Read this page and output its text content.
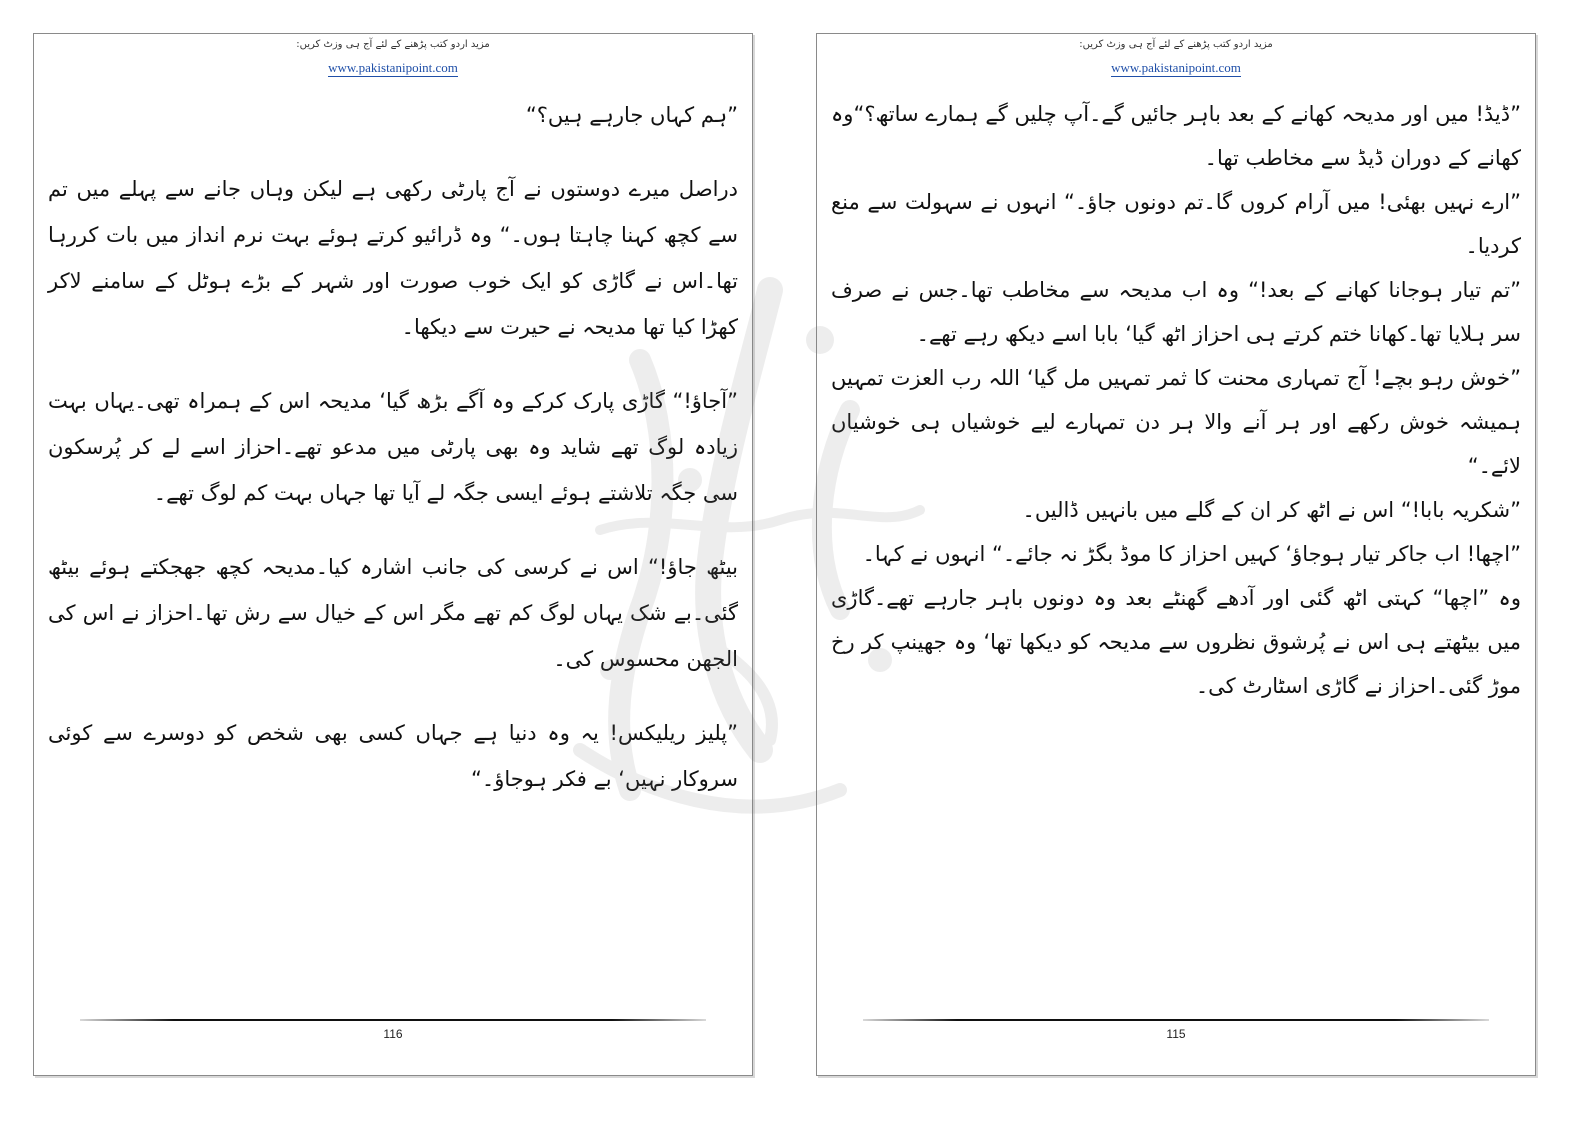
مزید اردو کتب پڑھنے کے لئے آج ہی وزٹ کریں:
www.pakistanipoint.com

”ہم کہاں جارہے ہیں؟“

دراصل میرے دوستوں نے آج پارٹی رکھی ہے لیکن وہاں جانے سے پہلے میں تم سے کچھ کہنا چاہتا ہوں۔“ وہ ڈرائیو کرتے ہوئے بہت نرم انداز میں بات کررہا تھا۔اس نے گاڑی کو ایک خوب صورت اور شہر کے بڑے ہوٹل کے سامنے لاکر کھڑا کیا تھا مدیحہ نے حیرت سے دیکھا۔

”آجاؤ!“ گاڑی پارک کرکے وہ آگے بڑھ گیا‘ مدیحہ اس کے ہمراہ تھی۔یہاں بہت زیادہ لوگ تھے شاید وہ بھی پارٹی میں مدعو تھے۔احزاز اسے لے کر پُرسکون سی جگہ تلاشتے ہوئے ایسی جگہ لے آیا تھا جہاں بہت کم لوگ تھے۔

بیٹھ جاؤ!“ اس نے کرسی کی جانب اشارہ کیا۔مدیحہ کچھ جھجکتے ہوئے بیٹھ گئی۔بے شک یہاں لوگ کم تھے مگر اس کے خیال سے رش تھا۔احزاز نے اس کی الجھن محسوس کی۔

”پلیز ریلیکس! یہ وہ دنیا ہے جہاں کسی بھی شخص کو دوسرے سے کوئی سروکار نہیں‘ بے فکر ہوجاؤ۔“

116
مزید اردو کتب پڑھنے کے لئے آج ہی وزٹ کریں:
www.pakistanipoint.com

”ڈیڈ! میں اور مدیحہ کھانے کے بعد باہر جائیں گے۔آپ چلیں گے ہمارے ساتھ؟“وہ کھانے کے دوران ڈیڈ سے مخاطب تھا۔

”ارے نہیں بھئی! میں آرام کروں گا۔تم دونوں جاؤ۔“ انہوں نے سہولت سے منع کردیا۔

”تم تیار ہوجانا کھانے کے بعد!“ وہ اب مدیحہ سے مخاطب تھا۔جس نے صرف سر ہلایا تھا۔کھانا ختم کرتے ہی احزاز اٹھ گیا‘ بابا اسے دیکھ رہے تھے۔

”خوش رہو بچے! آج تمہاری محنت کا ثمر تمہیں مل گیا‘ اللہ رب العزت تمہیں ہمیشہ خوش رکھے اور ہر آنے والا ہر دن تمہارے لیے خوشیاں ہی خوشیاں لائے۔“

”شکریہ بابا!“ اس نے اٹھ کر ان کے گلے میں بانہیں ڈالیں۔

”اچھا! اب جاکر تیار ہوجاؤ‘ کہیں احزاز کا موڈ بگڑ نہ جائے۔“ انہوں نے کہا۔

وہ ”اچھا“ کہتی اٹھ گئی اور آدھے گھنٹے بعد وہ دونوں باہر جارہے تھے۔گاڑی میں بیٹھتے ہی اس نے پُرشوق نظروں سے مدیحہ کو دیکھا تھا‘ وہ جھینپ کر رخ موڑ گئی۔احزاز نے گاڑی اسٹارٹ کی۔

115
